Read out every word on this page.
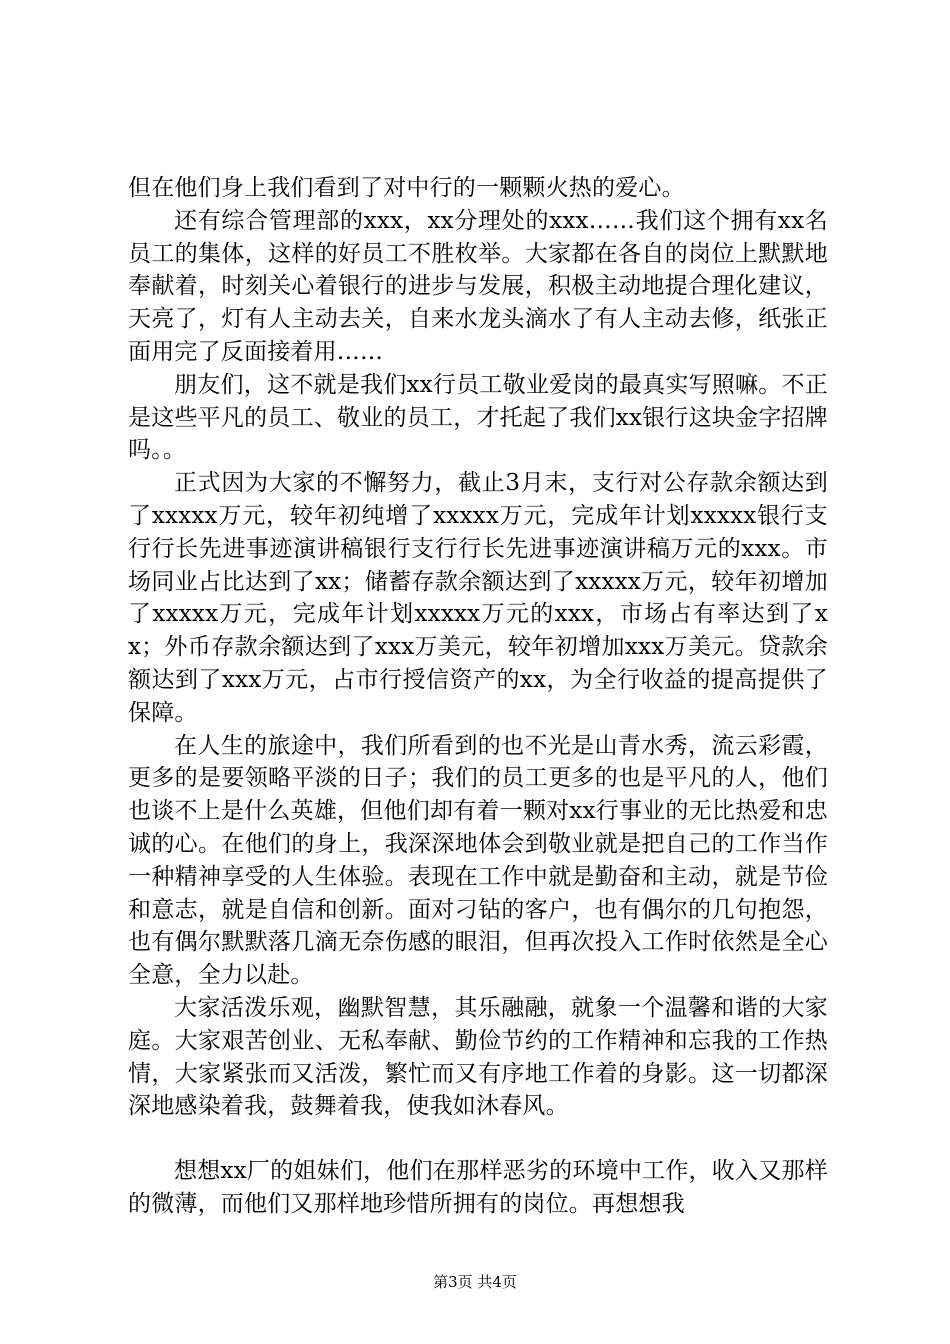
但在他们身上我们看到了对中行的一颗颗火热的爱心。

还有综合管理部的xxx，xx分理处的xxx……我们这个拥有xx名员工的集体，这样的好员工不胜枚举。大家都在各自的岗位上默默地奉献着，时刻关心着银行的进步与发展，积极主动地提合理化建议，天亮了，灯有人主动去关，自来水龙头滴水了有人主动去修，纸张正面用完了反面接着用……

朋友们，这不就是我们xx行员工敬业爱岗的最真实写照嘛。不正是这些平凡的员工、敬业的员工，才托起了我们xx银行这块金字招牌吗。。

正式因为大家的不懈努力，截止3月末，支行对公存款余额达到了xxxxx万元，较年初纯增了xxxxx万元，完成年计划xxxxx银行支行行长先进事迹演讲稿银行支行行长先进事迹演讲稿万元的xxx。市场同业占比达到了xx；储蓄存款余额达到了xxxxx万元，较年初增加了xxxxx万元，完成年计划xxxxx万元的xxx，市场占有率达到了xx；外币存款余额达到了xxx万美元，较年初增加xxx万美元。贷款余额达到了xxx万元，占市行授信资产的xx，为全行收益的提高提供了保障。

在人生的旅途中，我们所看到的也不光是山青水秀，流云彩霞，更多的是要领略平淡的日子；我们的员工更多的也是平凡的人，他们也谈不上是什么英雄，但他们却有着一颗对xx行事业的无比热爱和忠诚的心。在他们的身上，我深深地体会到敬业就是把自己的工作当作一种精神享受的人生体验。表现在工作中就是勤奋和主动，就是节俭和意志，就是自信和创新。面对刁钻的客户，也有偶尔的几句抱怨，也有偶尔默默落几滴无奈伤感的眼泪，但再次投入工作时依然是全心全意，全力以赴。

大家活泼乐观，幽默智慧，其乐融融，就象一个温馨和谐的大家庭。大家艰苦创业、无私奉献、勤俭节约的工作精神和忘我的工作热情，大家紧张而又活泼，繁忙而又有序地工作着的身影。这一切都深深地感染着我，鼓舞着我，使我如沐春风。

想想xx厂的姐妹们，他们在那样恶劣的环境中工作，收入又那样的微薄，而他们又那样地珍惜所拥有的岗位。再想想我

第3页 共4页
